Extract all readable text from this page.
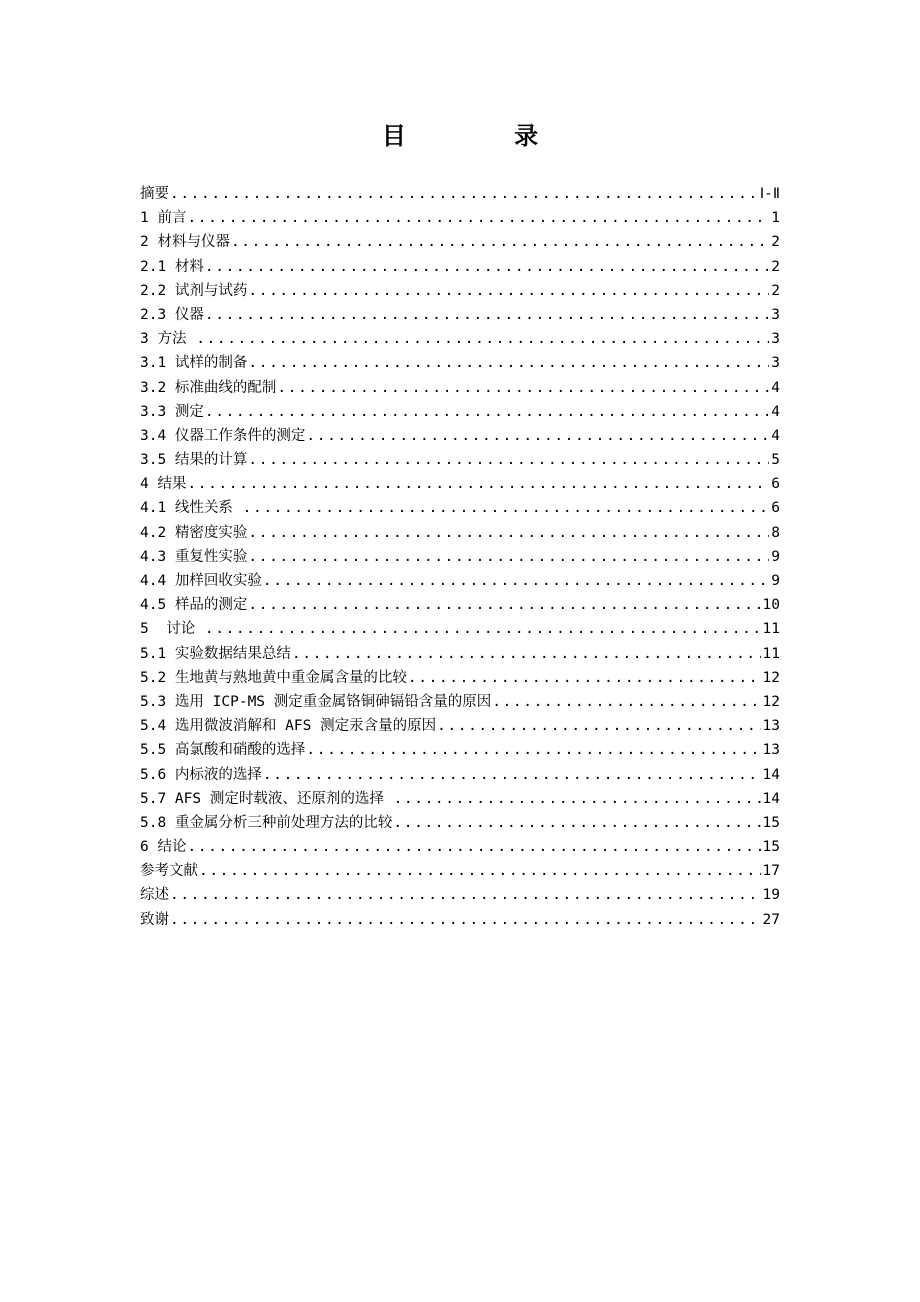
目 录
摘要 .....	Ⅰ-Ⅱ
1 前言 .....	1
2 材料与仪器 .....	2
2.1 材料 .....	2
2.2 试剂与试药 .....	2
2.3 仪器 .....	3
3 方法 .....	3
3.1 试样的制备 .....	3
3.2 标准曲线的配制 .....	4
3.3 测定 .....	4
3.4 仪器工作条件的测定 .....	4
3.5 结果的计算 .....	5
4 结果 .....	6
4.1 线性关系 .....	6
4.2 精密度实验 .....	8
4.3 重复性实验 .....	9
4.4 加样回收实验 .....	9
4.5 样品的测定 .....	10
5  讨论 .....	11
5.1 实验数据结果总结 .....	11
5.2 生地黄与熟地黄中重金属含量的比较 .....	12
5.3 选用 ICP-MS 测定重金属铬铜砷镉铅含量的原因 .....	12
5.4 选用微波消解和 AFS 测定汞含量的原因 .....	13
5.5 高氯酸和硝酸的选择 .....	13
5.6 内标液的选择 .....	14
5.7 AFS 测定时载液、还原剂的选择 .....	14
5.8 重金属分析三种前处理方法的比较 .....	15
6 结论 .....	15
参考文献 .....	17
综述 .....	19
致谢 .....	27
